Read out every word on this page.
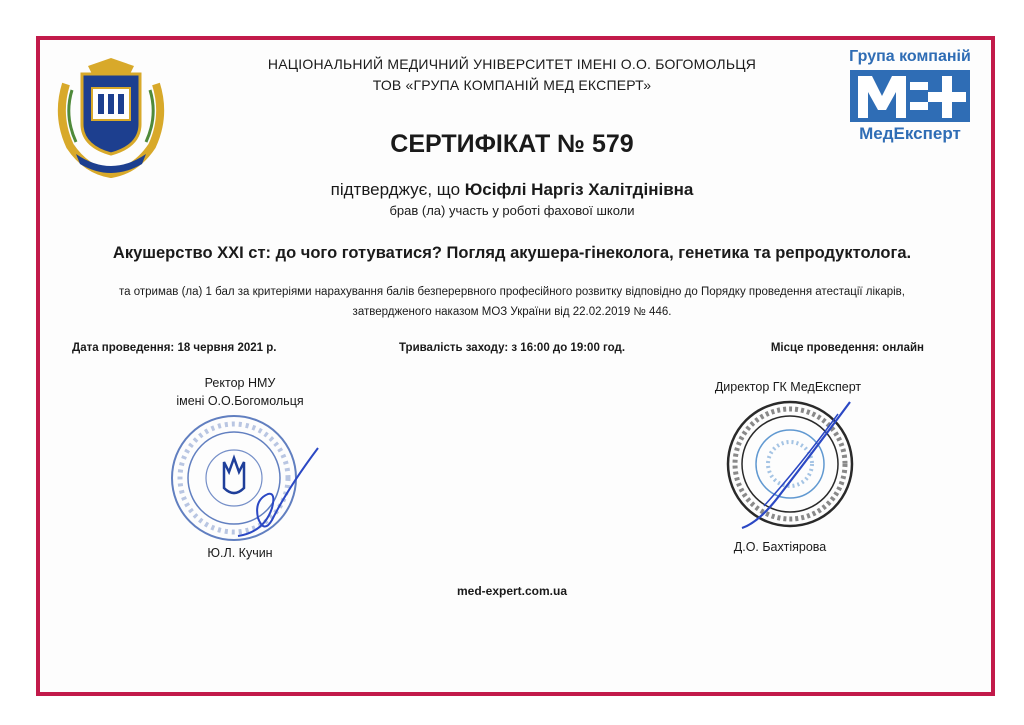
Група компаній
МедЕксперт
НАЦІОНАЛЬНИЙ МЕДИЧНИЙ УНІВЕРСИТЕТ ІМЕНІ О.О. БОГОМОЛЬЦЯ
ТОВ «ГРУПА КОМПАНІЙ МЕД ЕКСПЕРТ»
СЕРТИФІКАТ № 579
підтверджує, що Юсіфлі Наргіз Халітдінівна
брав (ла) участь у роботі фахової школи
Акушерство XXI ст: до чого готуватися? Погляд акушера-гінеколога, генетика та репродуктолога.
та отримав (ла) 1 бал за критеріями нарахування балів безперервного професійного розвитку відповідно до Порядку проведення атестації лікарів,
затвердженого наказом МОЗ України від 22.02.2019 № 446.
Дата проведення: 18 червня 2021 р.	Тривалість заходу: з 16:00 до 19:00 год.	Місце проведення: онлайн
Ректор НМУ
імені О.О.Богомольця
Ю.Л. Кучин
Директор ГК МедЕксперт
Д.О. Бахтіярова
med-expert.com.ua
